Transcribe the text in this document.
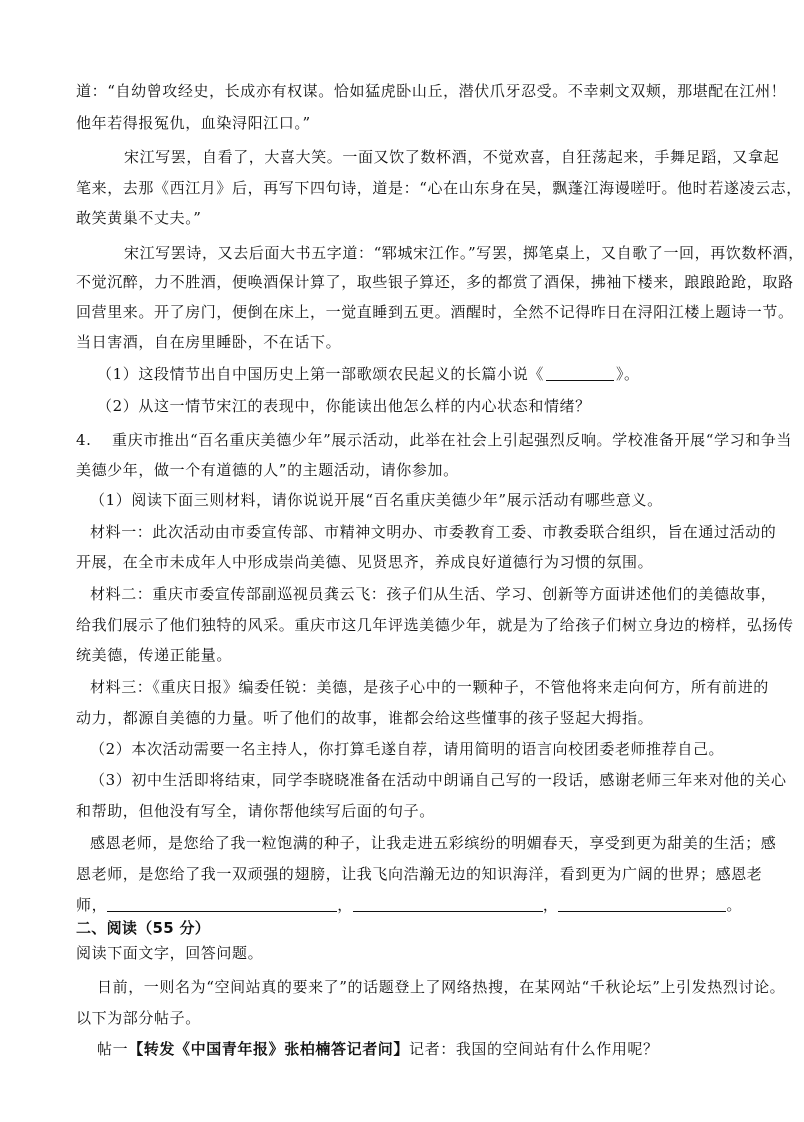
道：“自幼曾攻经史，长成亦有权谋。恰如猛虎卧山丘，潜伏爪牙忍受。不幸刺文双颊，那堪配在江州！
他年若得报冤仇，血染浔阳江口。”
宋江写罢，自看了，大喜大笑。一面又饮了数杯酒，不觉欢喜，自狂荡起来，手舞足蹈，又拿起
笔来，去那《西江月》后，再写下四句诗，道是：“心在山东身在吴，飘蓬江海谩嗟吁。他时若遂凌云志，
敢笑黄巢不丈夫。”
宋江写罢诗，又去后面大书五字道：“郓城宋江作。”写罢，掷笔桌上，又自歌了一回，再饮数杯酒，
不觉沉醉，力不胜酒，便唤酒保计算了，取些银子算还，多的都赏了酒保，拂袖下楼来，踉踉跄跄，取路
回营里来。开了房门，便倒在床上，一觉直睡到五更。酒醒时，全然不记得昨日在浔阳江楼上题诗一节。
当日害酒，自在房里睡卧，不在话下。
（1）这段情节出自中国历史上第一部歌颂农民起义的长篇小说《	》。
（2）从这一情节宋江的表现中，你能读出他怎么样的内心状态和情绪？
4. 重庆市推出“百名重庆美德少年”展示活动，此举在社会上引起强烈反响。学校准备开展“学习和争当
美德少年，做一个有道德的人”的主题活动，请你参加。
（1）阅读下面三则材料，请你说说开展“百名重庆美德少年”展示活动有哪些意义。
材料一：此次活动由市委宣传部、市精神文明办、市委教育工委、市教委联合组织，旨在通过活动的
开展，在全市未成年人中形成崇尚美德、见贤思齐，养成良好道德行为习惯的氛围。
材料二：重庆市委宣传部副巡视员龚云飞：孩子们从生活、学习、创新等方面讲述他们的美德故事，
给我们展示了他们独特的风采。重庆市这几年评选美德少年，就是为了给孩子们树立身边的榜样，弘扬传
统美德，传递正能量。
材料三：《重庆日报》编委任锐：美德，是孩子心中的一颗种子，不管他将来走向何方，所有前进的
动力，都源自美德的力量。听了他们的故事，谁都会给这些懂事的孩子竖起大拇指。
（2）本次活动需要一名主持人，你打算毛遂自荐，请用简明的语言向校团委老师推荐自己。
（3）初中生活即将结束，同学李晓晓准备在活动中朗诵自己写的一段话，感谢老师三年来对他的关心
和帮助，但他没有写全，请你帮他续写后面的句子。
感恩老师，是您给了我一粒饱满的种子，让我走进五彩缤纷的明媚春天，享受到更为甜美的生活；感
恩老师，是您给了我一双顽强的翅膀，让我飞向浩瀚无边的知识海洋，看到更为广阔的世界；感恩老
师，	，	，	。
二、阅读（55 分）
阅读下面文字，回答问题。
日前，一则名为“空间站真的要来了”的话题登上了网络热搜，在某网站“千秋论坛”上引发热烈讨论。
以下为部分帖子。
帖一【转发《中国青年报》张柏楠答记者问】记者：我国的空间站有什么作用呢？
